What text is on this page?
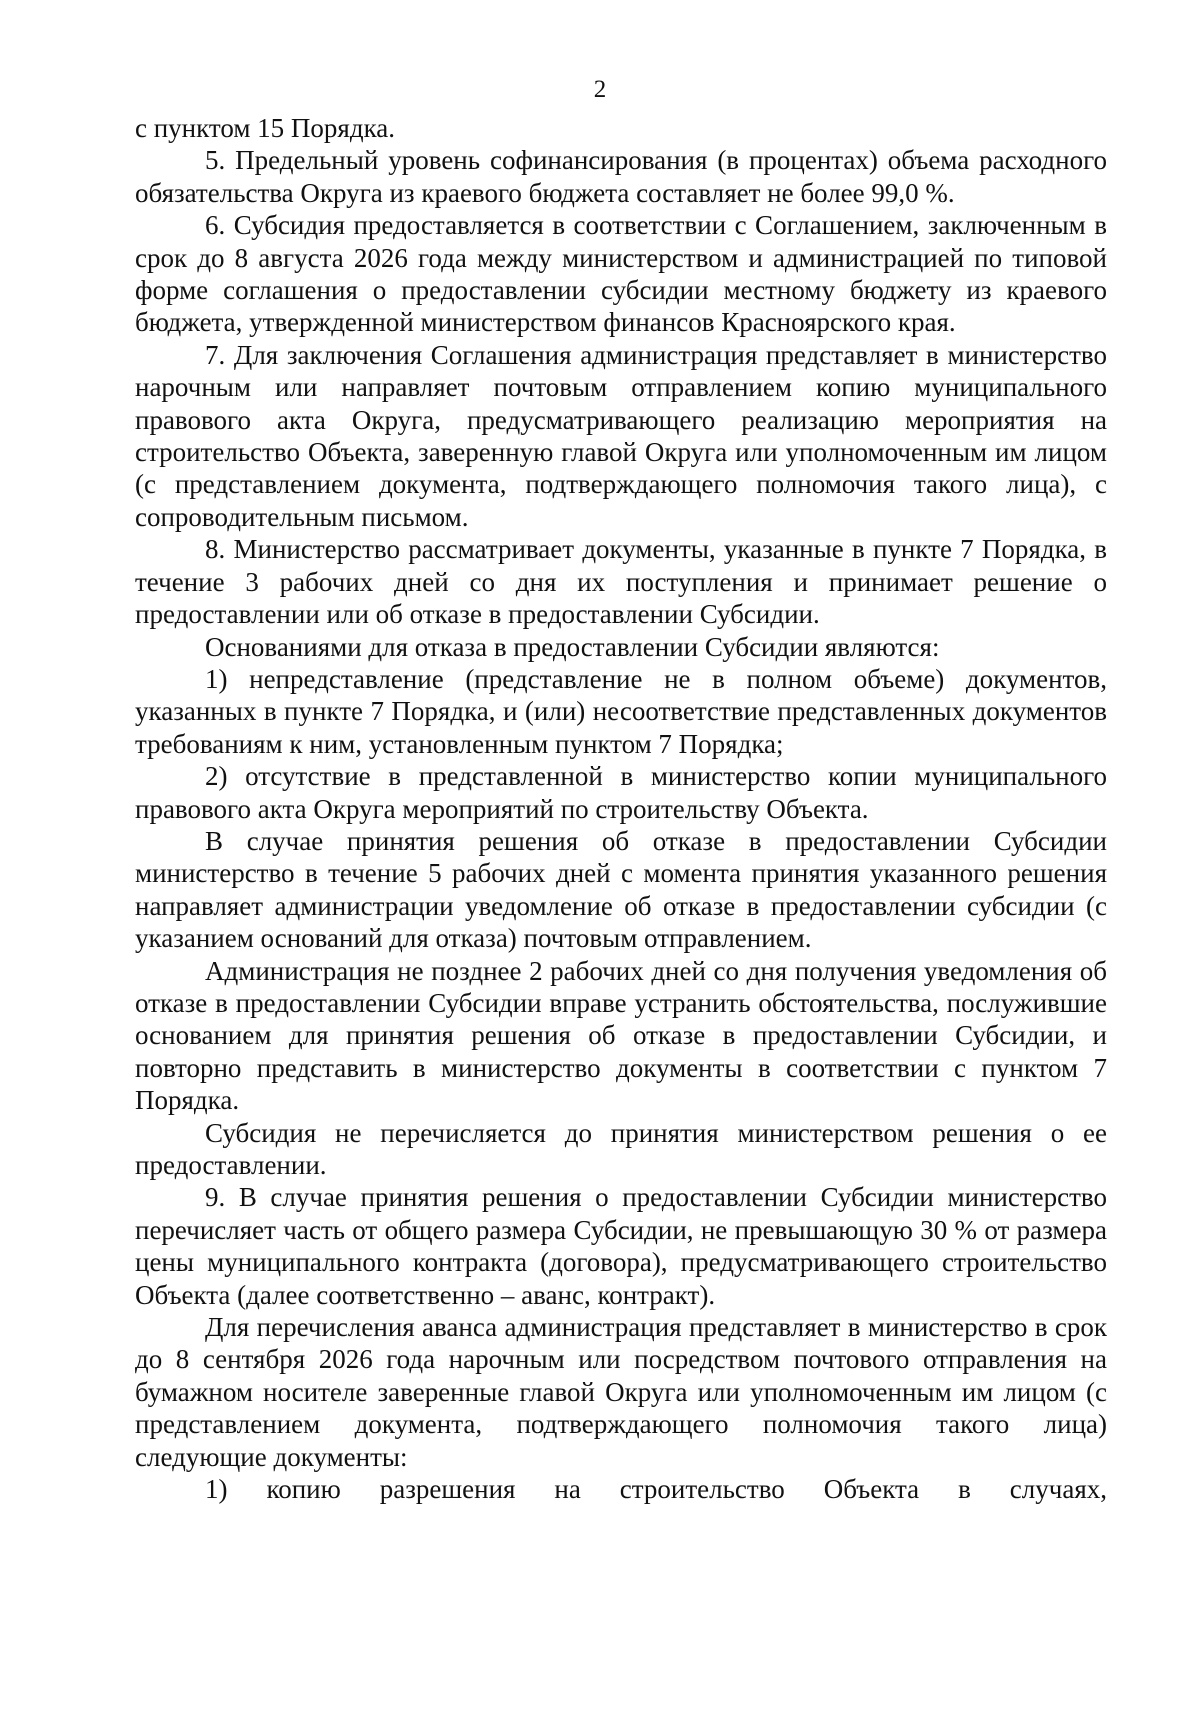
2

с пунктом 15 Порядка.

5. Предельный уровень софинансирования (в процентах) объема расходного обязательства Округа из краевого бюджета составляет не более 99,0 %.

6. Субсидия предоставляется в соответствии с Соглашением, заключенным в срок до 8 августа 2026 года между министерством и администрацией по типовой форме соглашения о предоставлении субсидии местному бюджету из краевого бюджета, утвержденной министерством финансов Красноярского края.

7. Для заключения Соглашения администрация представляет в министерство нарочным или направляет почтовым отправлением копию муниципального правового акта Округа, предусматривающего реализацию мероприятия на строительство Объекта, заверенную главой Округа или уполномоченным им лицом (с представлением документа, подтверждающего полномочия такого лица), с сопроводительным письмом.

8. Министерство рассматривает документы, указанные в пункте 7 Порядка, в течение 3 рабочих дней со дня их поступления и принимает решение о предоставлении или об отказе в предоставлении Субсидии.

Основаниями для отказа в предоставлении Субсидии являются:

1) непредставление (представление не в полном объеме) документов, указанных в пункте 7 Порядка, и (или) несоответствие представленных документов требованиям к ним, установленным пунктом 7 Порядка;

2) отсутствие в представленной в министерство копии муниципального правового акта Округа мероприятий по строительству Объекта.

В случае принятия решения об отказе в предоставлении Субсидии министерство в течение 5 рабочих дней с момента принятия указанного решения направляет администрации уведомление об отказе в предоставлении субсидии (с указанием оснований для отказа) почтовым отправлением.

Администрация не позднее 2 рабочих дней со дня получения уведомления об отказе в предоставлении Субсидии вправе устранить обстоятельства, послужившие основанием для принятия решения об отказе в предоставлении Субсидии, и повторно представить в министерство документы в соответствии с пунктом 7 Порядка.

Субсидия не перечисляется до принятия министерством решения о ее предоставлении.

9. В случае принятия решения о предоставлении Субсидии министерство перечисляет часть от общего размера Субсидии, не превышающую 30 % от размера цены муниципального контракта (договора), предусматривающего строительство Объекта (далее соответственно – аванс, контракт).

Для перечисления аванса администрация представляет в министерство в срок до 8 сентября 2026 года нарочным или посредством почтового отправления на бумажном носителе заверенные главой Округа или уполномоченным им лицом (с представлением документа, подтверждающего полномочия такого лица) следующие документы:

1) копию разрешения на строительство Объекта в случаях,
